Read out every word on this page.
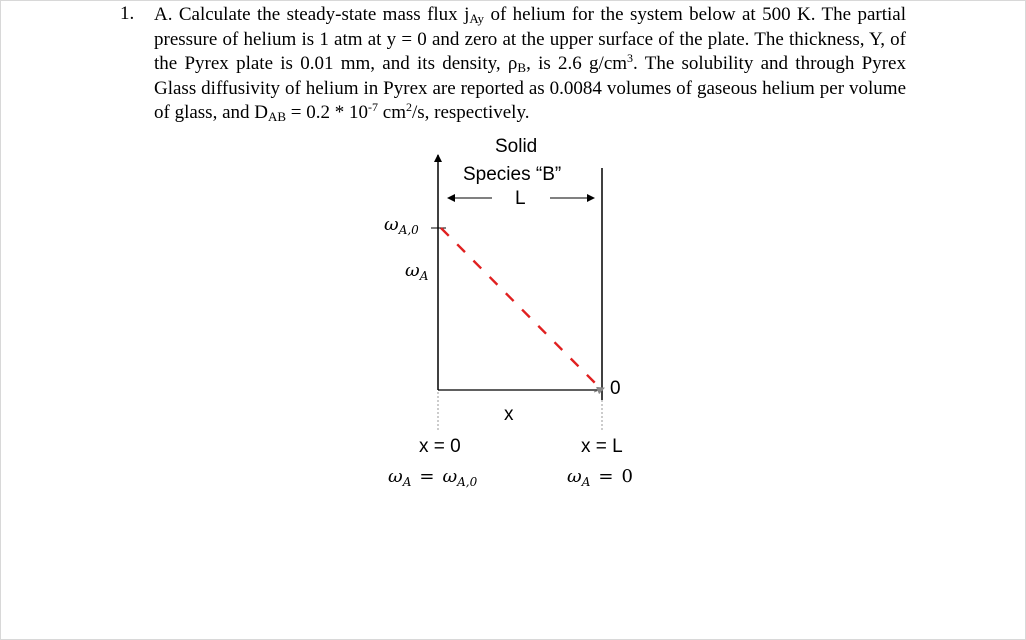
1. A. Calculate the steady-state mass flux $j_{Ay}$ of helium for the system below at 500 K. The partial pressure of helium is 1 atm at y = 0 and zero at the upper surface of the plate. The thickness, Y, of the Pyrex plate is 0.01 mm, and its density, $\rho_B$, is 2.6 $g/cm^3$. The solubility and through Pyrex Glass diffusivity of helium in Pyrex are reported as 0.0084 volumes of gaseous helium per volume of glass, and $D_{AB} = 0.2 * 10^{-7}$ $cm^2/s$, respectively.
Solid
Species “B”
L
$\omega_{A,0}$
$\omega_A$
0
x
x = 0	x = L
$\omega_A = \omega_{A,0}$	$\omega_A = 0$
